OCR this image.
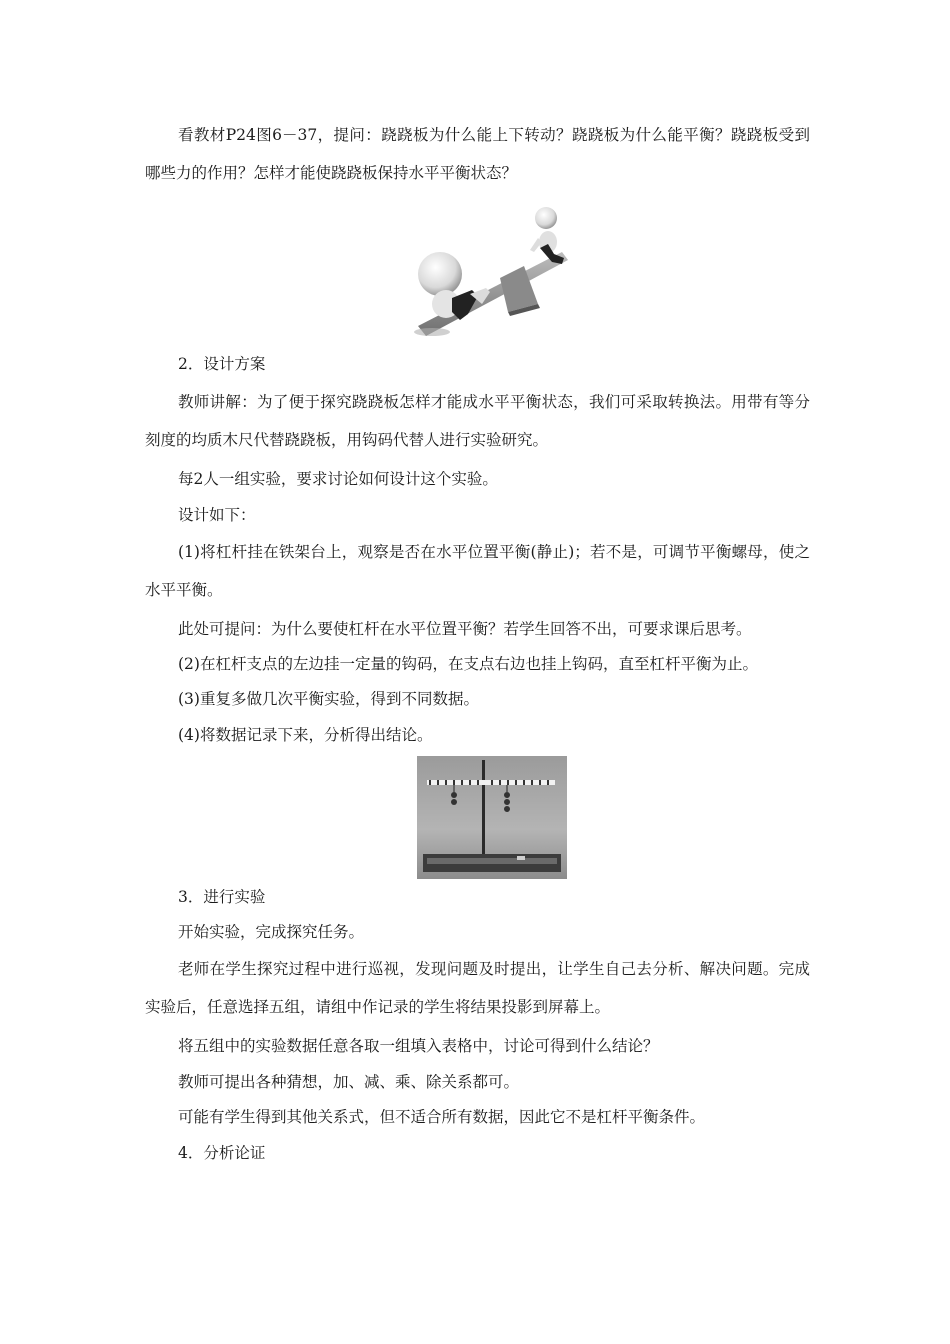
看教材P24图6－37，提问：跷跷板为什么能上下转动？跷跷板为什么能平衡？跷跷板受到哪些力的作用？怎样才能使跷跷板保持水平平衡状态？

2．设计方案

教师讲解：为了便于探究跷跷板怎样才能成水平平衡状态，我们可采取转换法。用带有等分刻度的均质木尺代替跷跷板，用钩码代替人进行实验研究。

每2人一组实验，要求讨论如何设计这个实验。

设计如下：

(1)将杠杆挂在铁架台上，观察是否在水平位置平衡(静止)；若不是，可调节平衡螺母，使之水平平衡。

此处可提问：为什么要使杠杆在水平位置平衡？若学生回答不出，可要求课后思考。

(2)在杠杆支点的左边挂一定量的钩码，在支点右边也挂上钩码，直至杠杆平衡为止。

(3)重复多做几次平衡实验，得到不同数据。

(4)将数据记录下来，分析得出结论。

3．进行实验

开始实验，完成探究任务。

老师在学生探究过程中进行巡视，发现问题及时提出，让学生自己去分析、解决问题。完成实验后，任意选择五组，请组中作记录的学生将结果投影到屏幕上。

将五组中的实验数据任意各取一组填入表格中，讨论可得到什么结论？

教师可提出各种猜想，加、减、乘、除关系都可。

可能有学生得到其他关系式，但不适合所有数据，因此它不是杠杆平衡条件。

4．分析论证
